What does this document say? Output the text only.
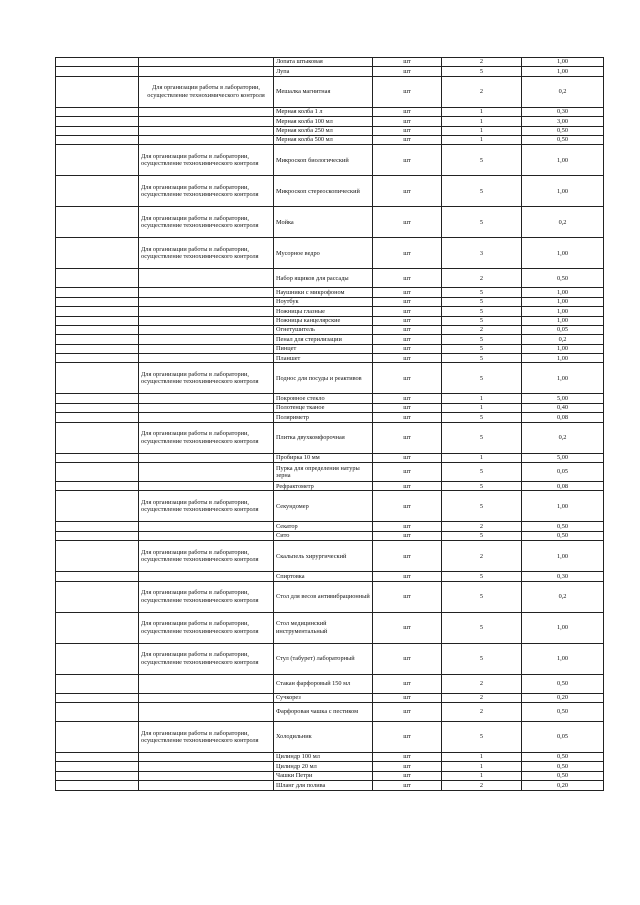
		Лопата штыковая	шт	2	1,00
		Лупа	шт	5	1,00
	Для организации работы в лаборатории, осуществление технохимического контроля	Мешалка магнитная	шт	2	0,2
		Мерная колба 1 л	шт	1	0,30
		Мерная колба 100 мл	шт	1	3,00
		Мерная колба 250 мл	шт	1	0,50
		Мерная колба 500 мл	шт	1	0,50
	Для организации работы в лаборатории, осуществление технохимического контроля	Микроскоп биологический	шт	5	1,00
	Для организации работы в лаборатории, осуществление технохимического контроля	Микроскоп стереоскопический	шт	5	1,00
	Для организации работы в лаборатории, осуществление технохимического контроля	Мойка	шт	5	0,2
	Для организации работы в лаборатории, осуществление технохимического контроля	Мусорное ведро	шт	3	1,00
		Набор ящиков для рассады	шт	2	0,50
		Наушники с микрофоном	шт	5	1,00
		Ноутбук	шт	5	1,00
		Ножницы глазные	шт	5	1,00
		Ножницы канцелярские	шт	5	1,00
		Огнетушитель	шт	2	0,05
		Пенал для стерилизации	шт	5	0,2
		Пинцет	шт	5	1,00
		Планшет	шт	5	1,00
	Для организации работы в лаборатории, осуществление технохимического контроля	Поднос для посуды и реактивов	шт	5	1,00
		Покровное стекло	шт	1	5,00
		Полотенце тканое	шт	1	0,40
		Поляриметр	шт	5	0,08
	Для организации работы в лаборатории, осуществление технохимического контроля	Плитка двухкомфорочная	шт	5	0,2
		Пробирка 10 мм	шт	1	5,00
		Пурка для определения натуры зерна	шт	5	0,05
		Рефрактометр	шт	5	0,08
	Для организации работы в лаборатории, осуществление технохимического контроля	Секундомер	шт	5	1,00
		Секатор	шт	2	0,50
		Сито	шт	5	0,50
	Для организации работы в лаборатории, осуществление технохимического контроля	Скальпель хирургический	шт	2	1,00
		Спиртовка	шт	5	0,30
	Для организации работы в лаборатории, осуществление технохимического контроля	Стол для весов антивибрационный	шт	5	0,2
	Для организации работы в лаборатории, осуществление технохимического контроля	Стол медицинский инструментальный	шт	5	1,00
	Для организации работы в лаборатории, осуществление технохимического контроля	Стул (табурет) лабораторный	шт	5	1,00
		Стакан фарфоровый 150 мл	шт	2	0,50
		Сучкорез	шт	2	0,20
		Фарфоровая чашка с пестиком	шт	2	0,50
	Для организации работы в лаборатории, осуществление технохимического контроля	Холодильник	шт	5	0,05
		Цилиндр 100 мл	шт	1	0,50
		Цилиндр 20 мл	шт	1	0,50
		Чашки Петри	шт	1	0,50
		Шланг для полива	шт	2	0,20
